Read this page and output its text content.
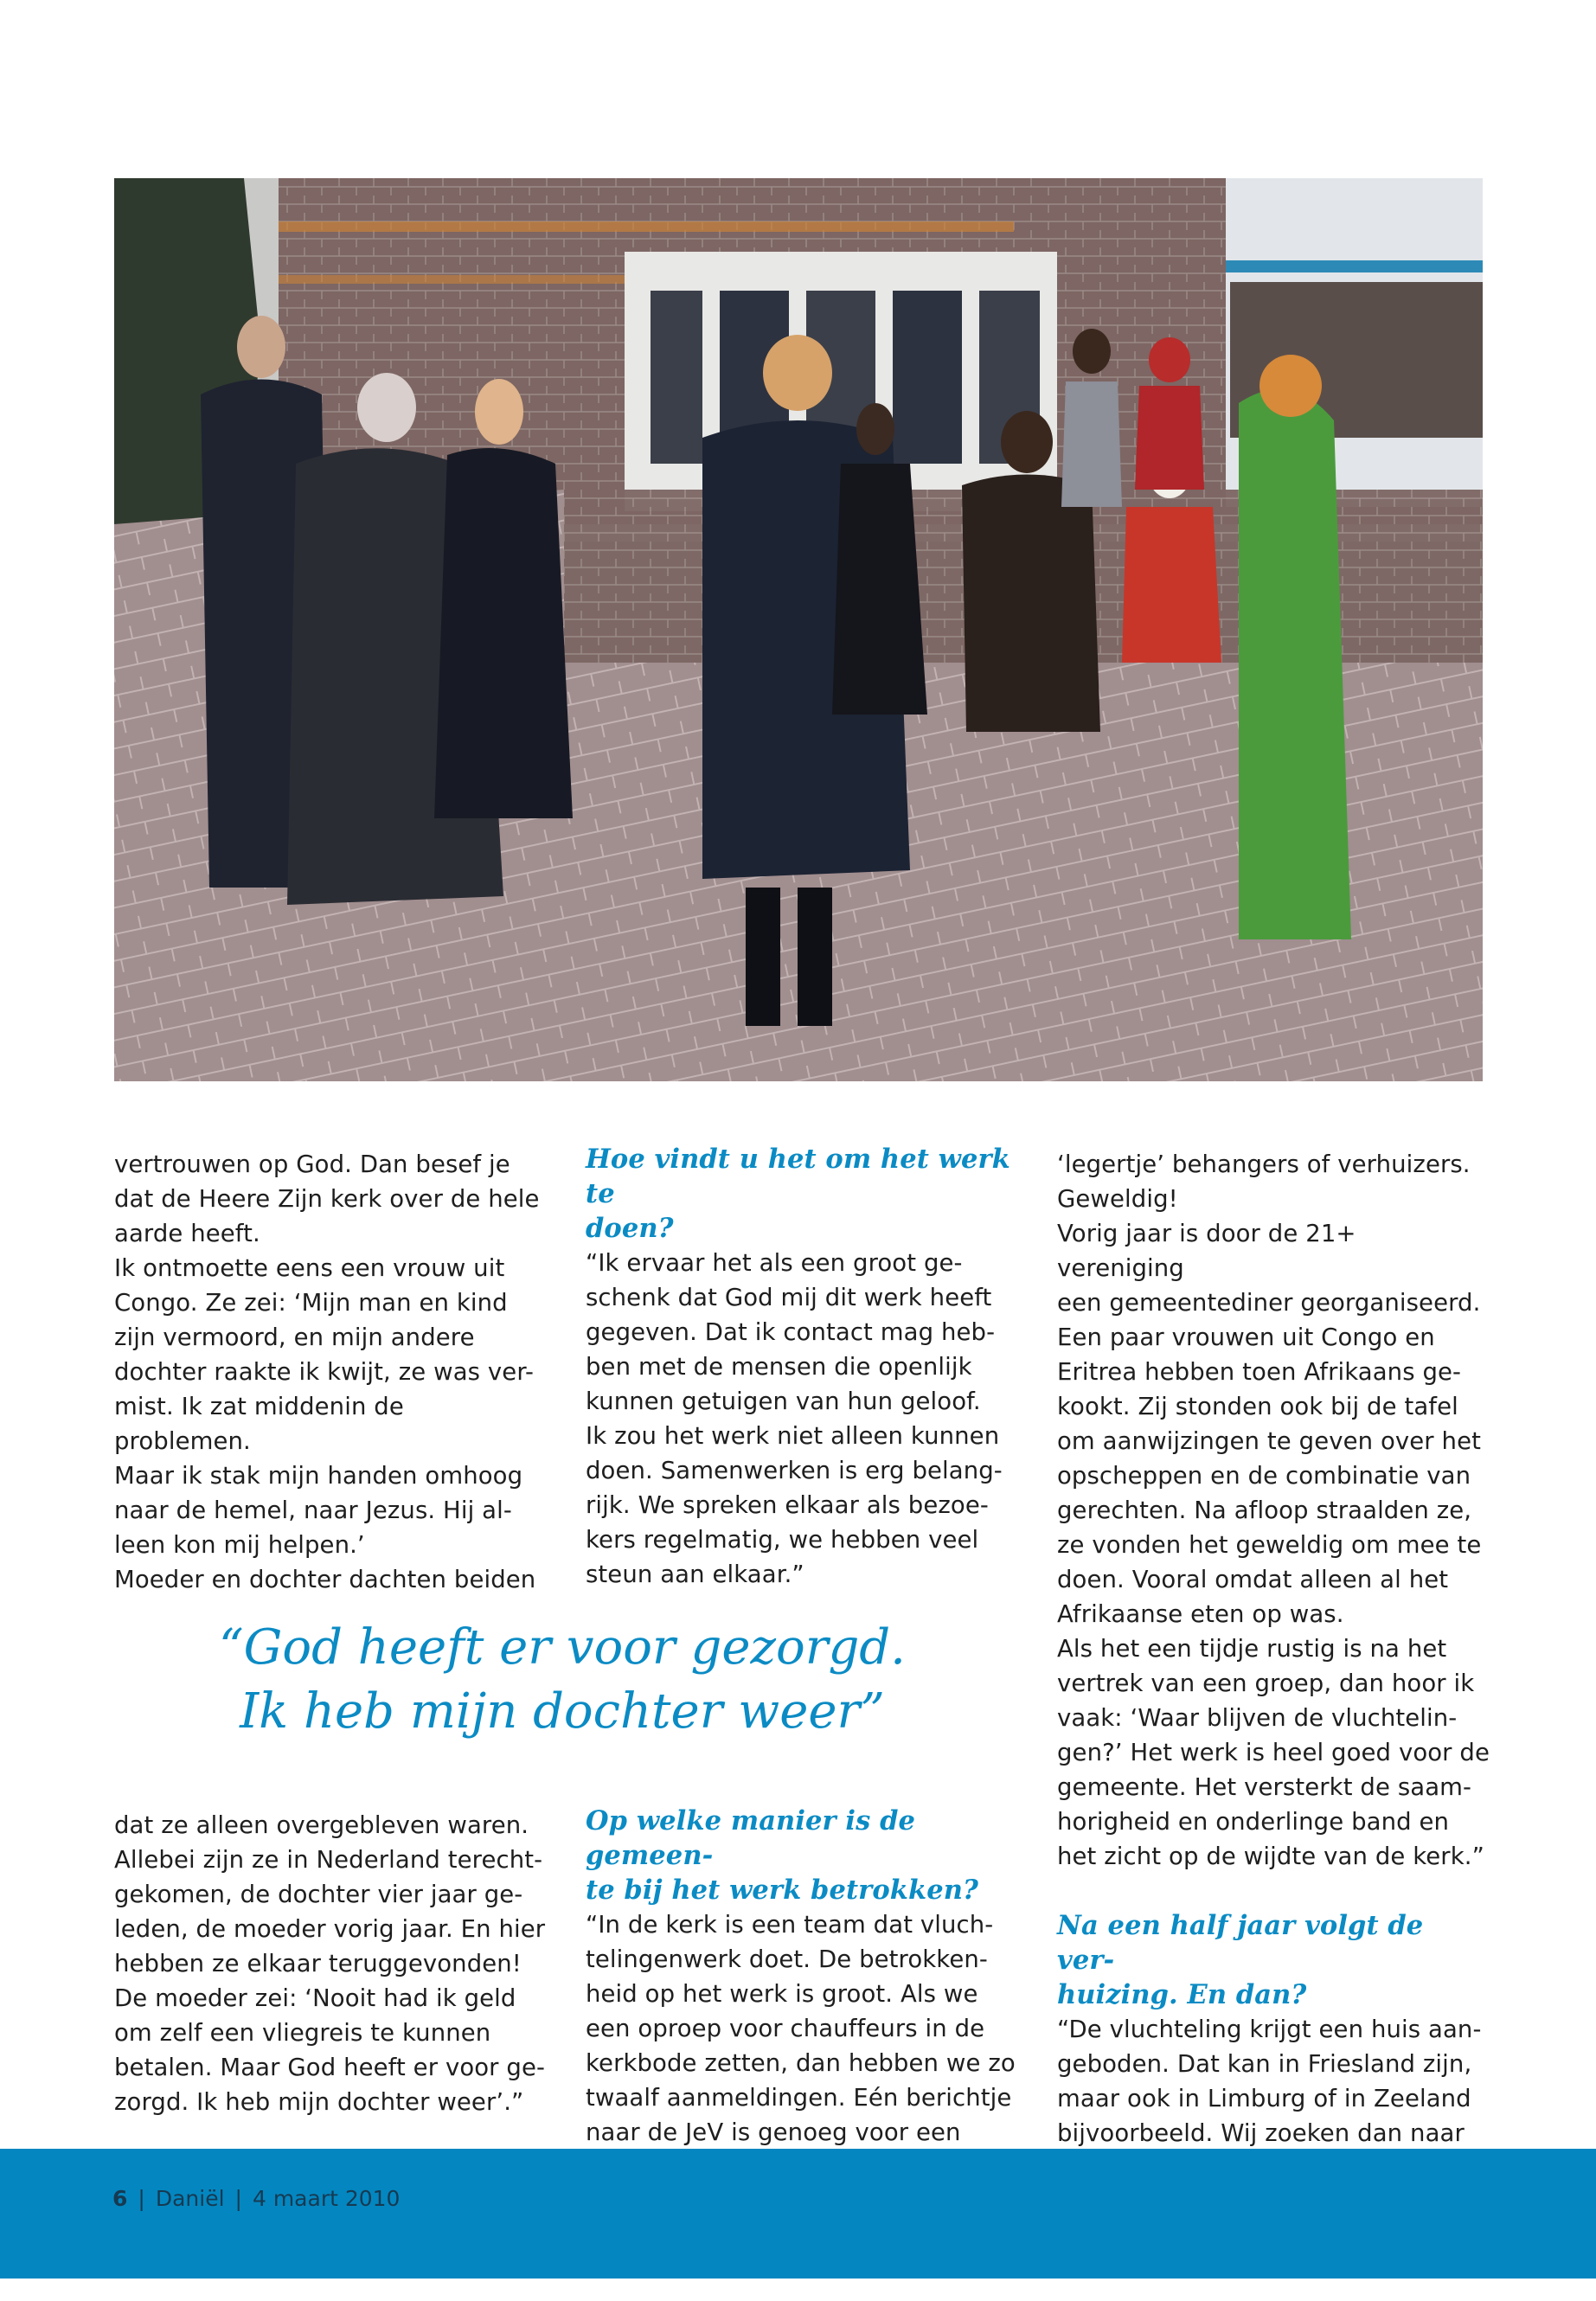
vertrouwen op God. Dan besef je

dat de Heere Zijn kerk over de hele

aarde heeft.

Ik ontmoette eens een vrouw uit

Congo. Ze zei: ‘Mijn man en kind

zijn vermoord, en mijn andere

dochter raakte ik kwijt, ze was ver-

mist. Ik zat middenin de problemen.

Maar ik stak mijn handen omhoog

naar de hemel, naar Jezus. Hij al-

leen kon mij helpen.’

Moeder en dochter dachten beiden

Hoe vindt u het om het werk te

doen?

“Ik ervaar het als een groot ge-

schenk dat God mij dit werk heeft

gegeven. Dat ik contact mag heb-

ben met de mensen die openlijk

kunnen getuigen van hun geloof.

Ik zou het werk niet alleen kunnen

doen. Samenwerken is erg belang-

rijk. We spreken elkaar als bezoe-

kers regelmatig, we hebben veel

steun aan elkaar.”

“God heeft er voor gezorgd.
Ik heb mijn dochter weer”

dat ze alleen overgebleven waren.

Allebei zijn ze in Nederland terecht-

gekomen, de dochter vier jaar ge-

leden, de moeder vorig jaar. En hier

hebben ze elkaar teruggevonden!

De moeder zei: ‘Nooit had ik geld

om zelf een vliegreis te kunnen

betalen. Maar God heeft er voor ge-

zorgd. Ik heb mijn dochter weer’.”

Op welke manier is de gemeen-

te bij het werk betrokken?

“In de kerk is een team dat vluch-

telingenwerk doet. De betrokken-

heid op het werk is groot. Als we

een oproep voor chauffeurs in de

kerkbode zetten, dan hebben we zo

twaalf aanmeldingen. Eén berichtje

naar de JeV is genoeg voor een

‘legertje’ behangers of verhuizers.

Geweldig!

Vorig jaar is door de 21+ vereniging

een gemeentediner georganiseerd.

Een paar vrouwen uit Congo en

Eritrea hebben toen Afrikaans ge-

kookt. Zij stonden ook bij de tafel

om aanwijzingen te geven over het

opscheppen en de combinatie van

gerechten. Na afloop straalden ze,

ze vonden het geweldig om mee te

doen. Vooral omdat alleen al het

Afrikaanse eten op was.

Als het een tijdje rustig is na het

vertrek van een groep, dan hoor ik

vaak: ‘Waar blijven de vluchtelin-

gen?’ Het werk is heel goed voor de

gemeente. Het versterkt de saam-

horigheid en onderlinge band en

het zicht op de wijdte van de kerk.”

Na een half jaar volgt de ver-

huizing. En dan?

“De vluchteling krijgt een huis aan-

geboden. Dat kan in Friesland zijn,

maar ook in Limburg of in Zeeland

bijvoorbeeld. Wij zoeken dan naar

6 | Daniël | 4 maart 2010
